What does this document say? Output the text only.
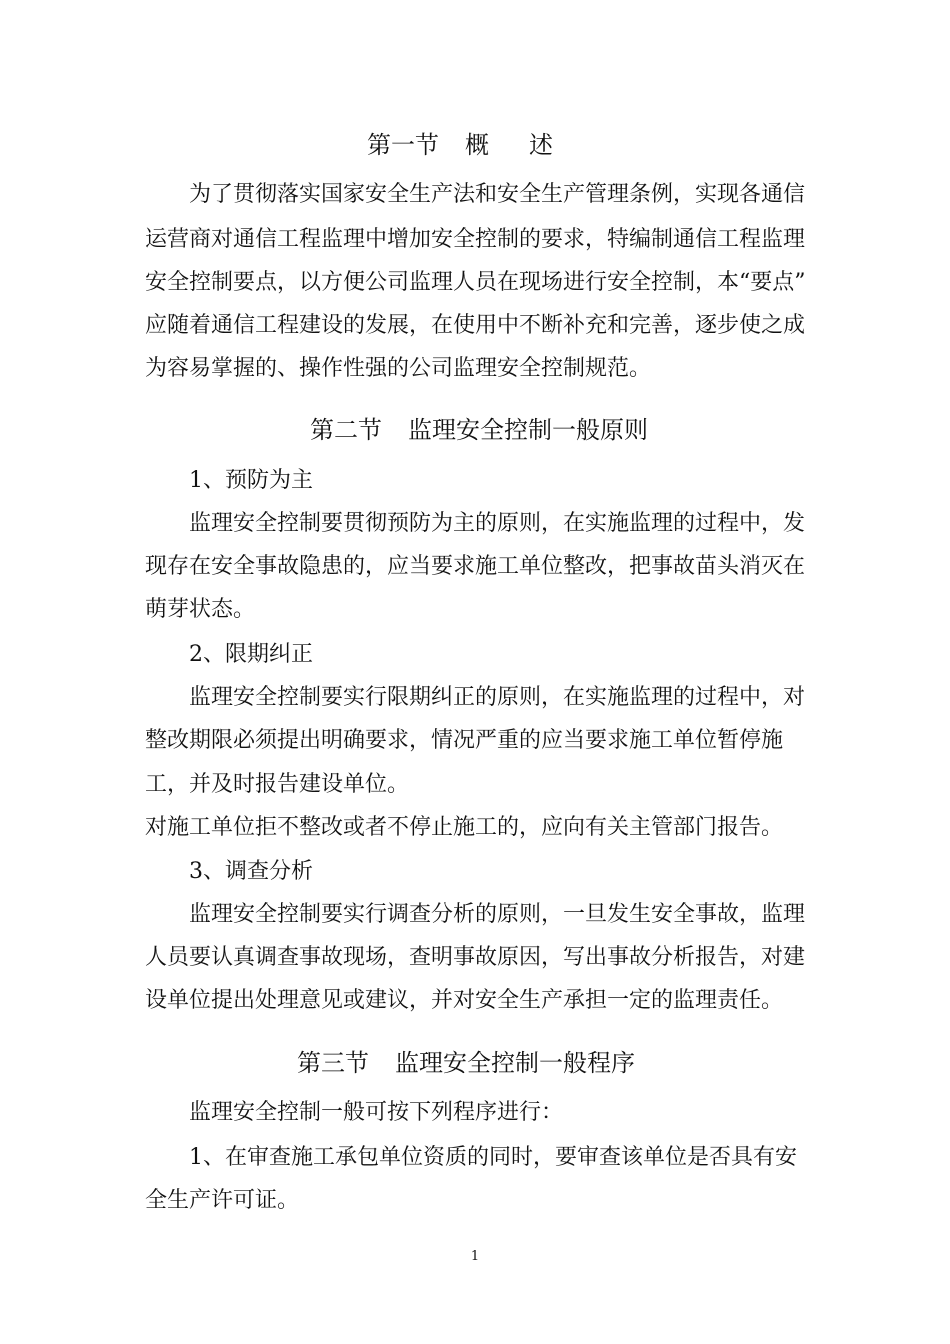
第一节 概 述
为了贯彻落实国家安全生产法和安全生产管理条例，实现各通信
运营商对通信工程监理中增加安全控制的要求，特编制通信工程监理
安全控制要点，以方便公司监理人员在现场进行安全控制，本“要点”
应随着通信工程建设的发展，在使用中不断补充和完善，逐步使之成
为容易掌握的、操作性强的公司监理安全控制规范。
第二节 监理安全控制一般原则
1、预防为主
监理安全控制要贯彻预防为主的原则，在实施监理的过程中，发
现存在安全事故隐患的，应当要求施工单位整改，把事故苗头消灭在
萌芽状态。
2、限期纠正
监理安全控制要实行限期纠正的原则，在实施监理的过程中，对
整改期限必须提出明确要求，情况严重的应当要求施工单位暂停施
工，并及时报告建设单位。
对施工单位拒不整改或者不停止施工的，应向有关主管部门报告。
3、调查分析
监理安全控制要实行调查分析的原则，一旦发生安全事故，监理
人员要认真调查事故现场，查明事故原因，写出事故分析报告，对建
设单位提出处理意见或建议，并对安全生产承担一定的监理责任。
第三节 监理安全控制一般程序
监理安全控制一般可按下列程序进行：
1、在审查施工承包单位资质的同时，要审查该单位是否具有安
全生产许可证。
1
